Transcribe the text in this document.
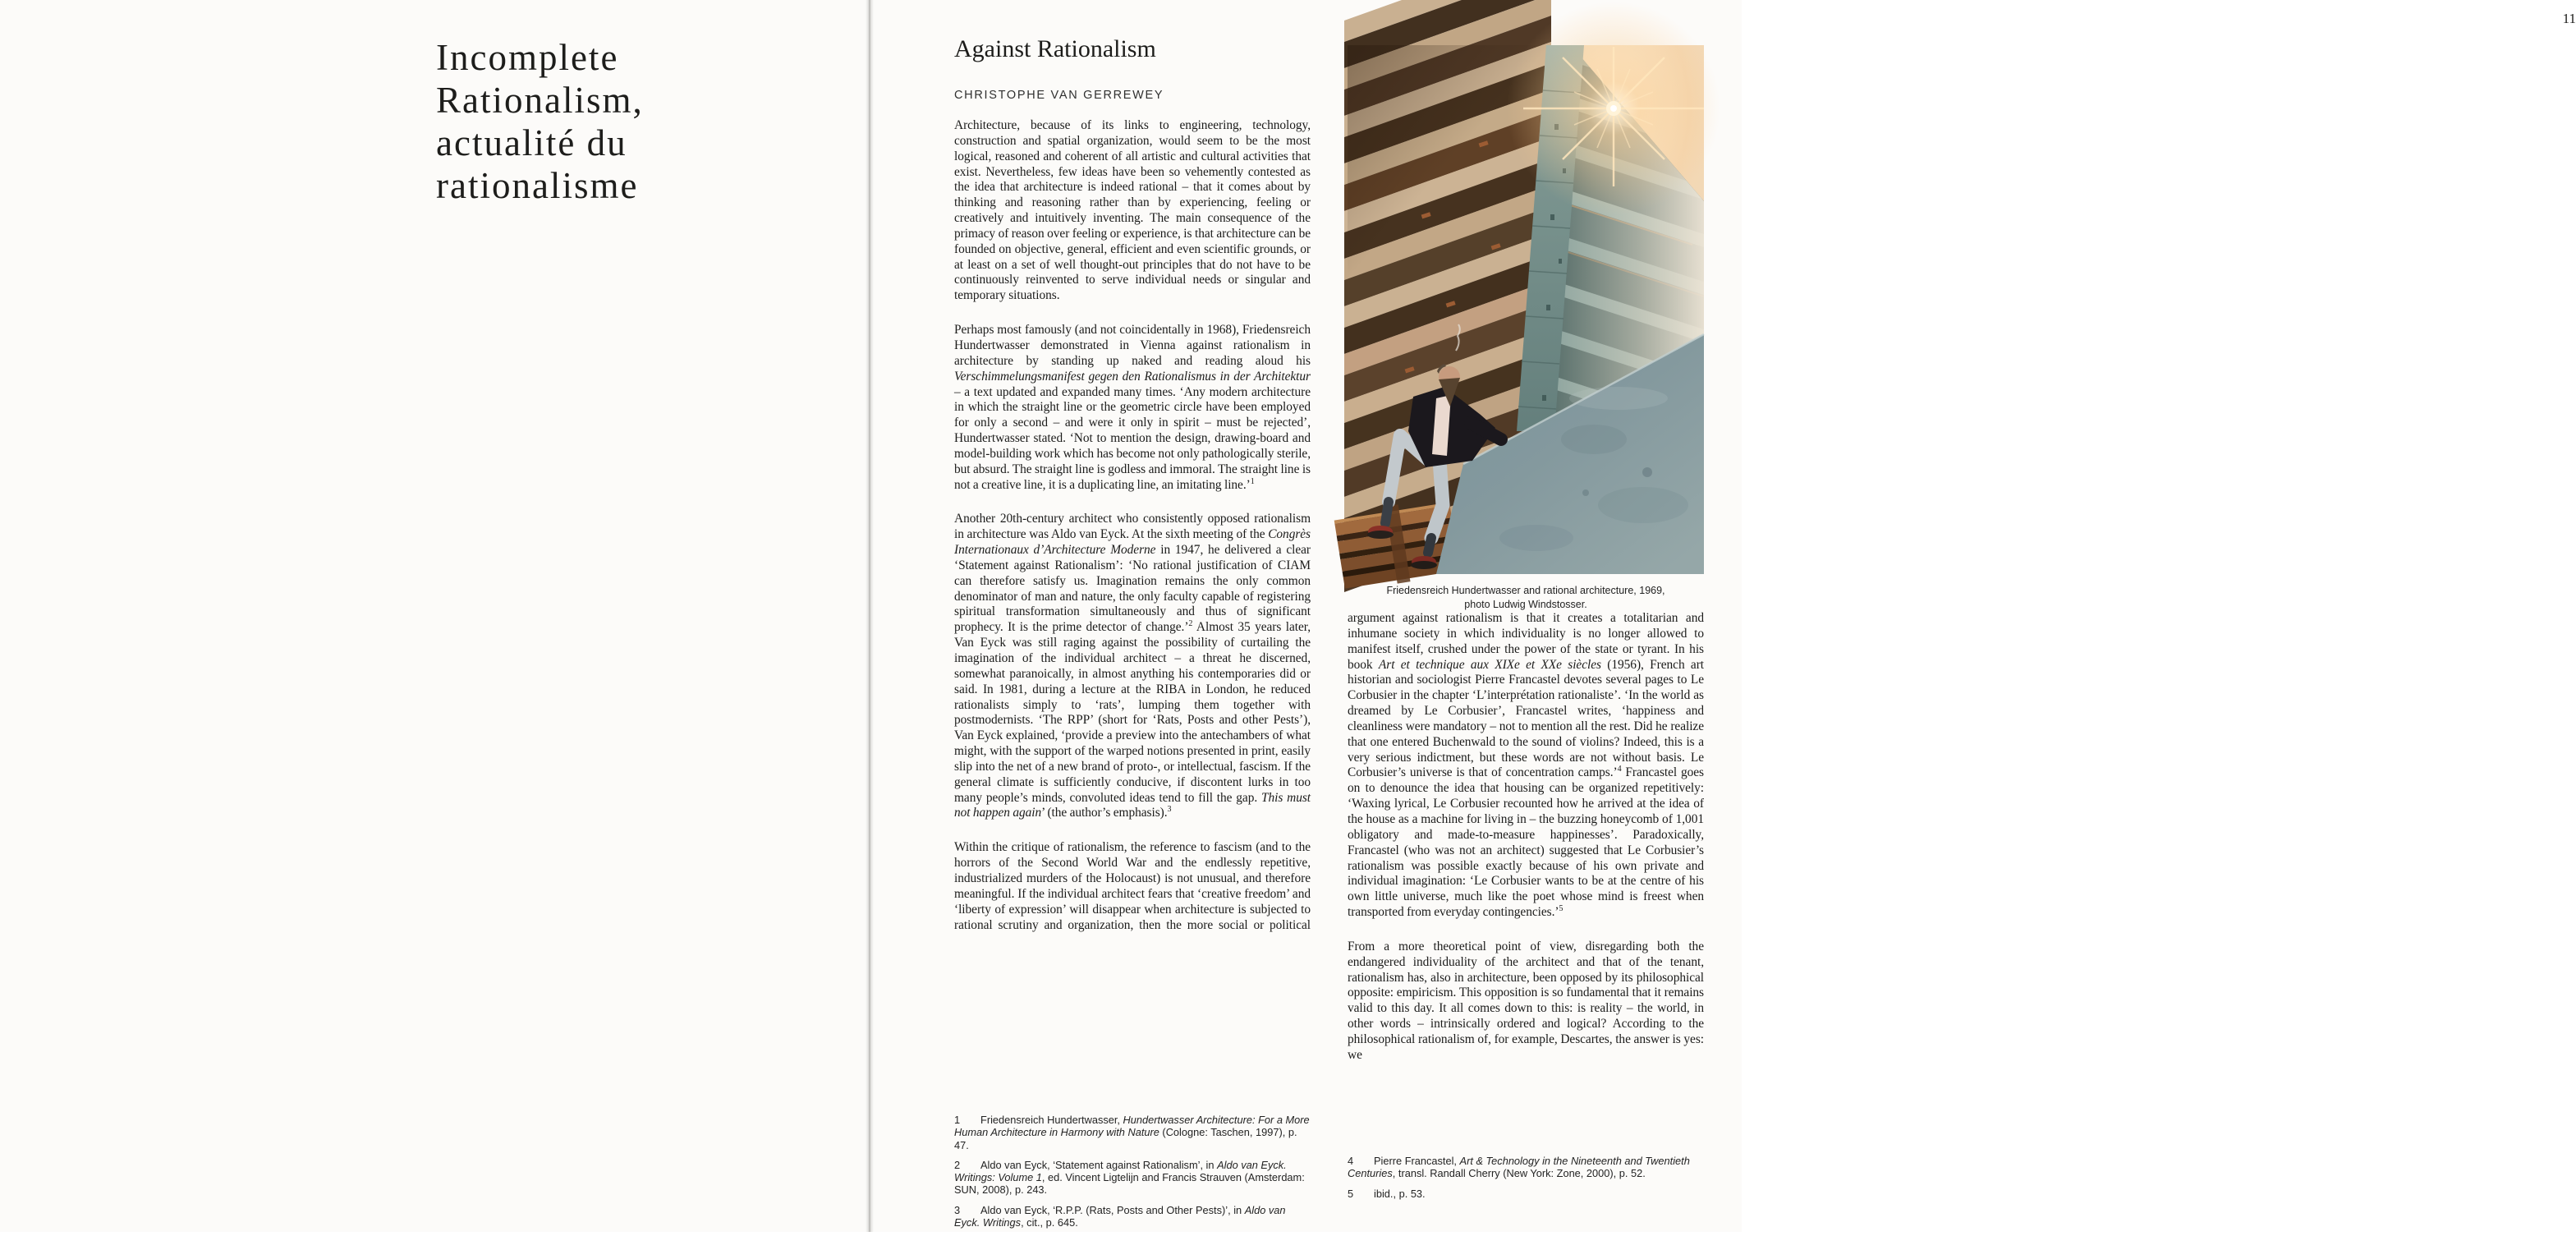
Incomplete
Rationalism,
actualité du
rationalisme
11
Against Rationalism
CHRISTOPHE VAN GERREWEY

Architecture, because of its links to engineering, technology, construction and spatial organization, would seem to be the most logical, reasoned and coherent of all artistic and cultural activities that exist. Nevertheless, few ideas have been so vehemently contested as the idea that architecture is indeed rational – that it comes about by thinking and reasoning rather than by experiencing, feeling or creatively and intuitively inventing. The main consequence of the primacy of reason over feeling or experience, is that architecture can be founded on objective, general, efficient and even scientific grounds, or at least on a set of well thought-out principles that do not have to be continuously reinvented to serve individual needs or singular and temporary situations.

Perhaps most famously (and not coincidentally in 1968), Friedensreich Hundertwasser demonstrated in Vienna against rationalism in architecture by standing up naked and reading aloud his Verschimmelungsmanifest gegen den Rationalismus in der Architektur – a text updated and expanded many times. ‘Any modern architecture in which the straight line or the geometric circle have been employed for only a second – and were it only in spirit – must be rejected’, Hundertwasser stated. ‘Not to mention the design, drawing-board and model-building work which has become not only pathologically sterile, but absurd. The straight line is godless and immoral. The straight line is not a creative line, it is a duplicating line, an imitating line.’$^1$

Another 20th-century architect who consistently opposed rationalism in architecture was Aldo van Eyck. At the sixth meeting of the Congrès Internationaux d’Architecture Moderne in 1947, he delivered a clear ‘Statement against Rationalism’: ‘No rational justification of CIAM can therefore satisfy us. Imagination remains the only common denominator of man and nature, the only faculty capable of registering spiritual transformation simultaneously and thus of significant prophecy. It is the prime detector of change.’$^2$ Almost 35 years later, Van Eyck was still raging against the possibility of curtailing the imagination of the individual architect – a threat he discerned, somewhat paranoically, in almost anything his contemporaries did or said. In 1981, during a lecture at the RIBA in London, he reduced rationalists simply to ‘rats’, lumping them together with postmodernists. ‘The RPP’ (short for ‘Rats, Posts and other Pests’), Van Eyck explained, ‘provide a preview into the antechambers of what might, with the support of the warped notions presented in print, easily slip into the net of a new brand of proto-, or intellectual, fascism. If the general climate is sufficiently conducive, if discontent lurks in too many people’s minds, convoluted ideas tend to fill the gap. This must not happen again’ (the author’s emphasis).$^3$

Within the critique of rationalism, the reference to fascism (and to the horrors of the Second World War and the endlessly repetitive, industrialized murders of the Holocaust) is not unusual, and therefore meaningful. If the individual architect fears that ‘creative freedom’ and ‘liberty of expression’ will disappear when architecture is subjected to rational scrutiny and organization, then the more social or political

Friedensreich Hundertwasser and rational architecture, 1969,
photo Ludwig Windstosser.

argument against rationalism is that it creates a totalitarian and inhumane society in which individuality is no longer allowed to manifest itself, crushed under the power of the state or tyrant. In his book Art et technique aux XIXe et XXe siècles (1956), French art historian and sociologist Pierre Francastel devotes several pages to Le Corbusier in the chapter ‘L’interprétation rationaliste’. ‘In the world as dreamed by Le Corbusier’, Francastel writes, ‘happiness and cleanliness were mandatory – not to mention all the rest. Did he realize that one entered Buchenwald to the sound of violins? Indeed, this is a very serious indictment, but these words are not without basis. Le Corbusier’s universe is that of concentration camps.’$^4$ Francastel goes on to denounce the idea that housing can be organized repetitively: ‘Waxing lyrical, Le Corbusier recounted how he arrived at the idea of the house as a machine for living in – the buzzing honeycomb of 1,001 obligatory and made-to-measure happinesses’. Paradoxically, Francastel (who was not an architect) suggested that Le Corbusier’s rationalism was possible exactly because of his own private and individual imagination: ‘Le Corbusier wants to be at the centre of his own little universe, much like the poet whose mind is freest when transported from everyday contingencies.’$^5$

From a more theoretical point of view, disregarding both the endangered individuality of the architect and that of the tenant, rationalism has, also in architecture, been opposed by its philosophical opposite: empiricism. This opposition is so fundamental that it remains valid to this day. It all comes down to this: is reality – the world, in other words – intrinsically ordered and logical? According to the philosophical rationalism of, for example, Descartes, the answer is yes: we

1 Friedensreich Hundertwasser, Hundertwasser Architecture: For a More Human Architecture in Harmony with Nature (Cologne: Taschen, 1997), p. 47.
2 Aldo van Eyck, ‘Statement against Rationalism’, in Aldo van Eyck. Writings: Volume 1, ed. Vincent Ligtelijn and Francis Strauven (Amsterdam: SUN, 2008), p. 243.
3 Aldo van Eyck, ‘R.P.P. (Rats, Posts and Other Pests)’, in Aldo van Eyck. Writings, cit., p. 645.
4 Pierre Francastel, Art & Technology in the Nineteenth and Twentieth Centuries, transl. Randall Cherry (New York: Zone, 2000), p. 52.
5 ibid., p. 53.
